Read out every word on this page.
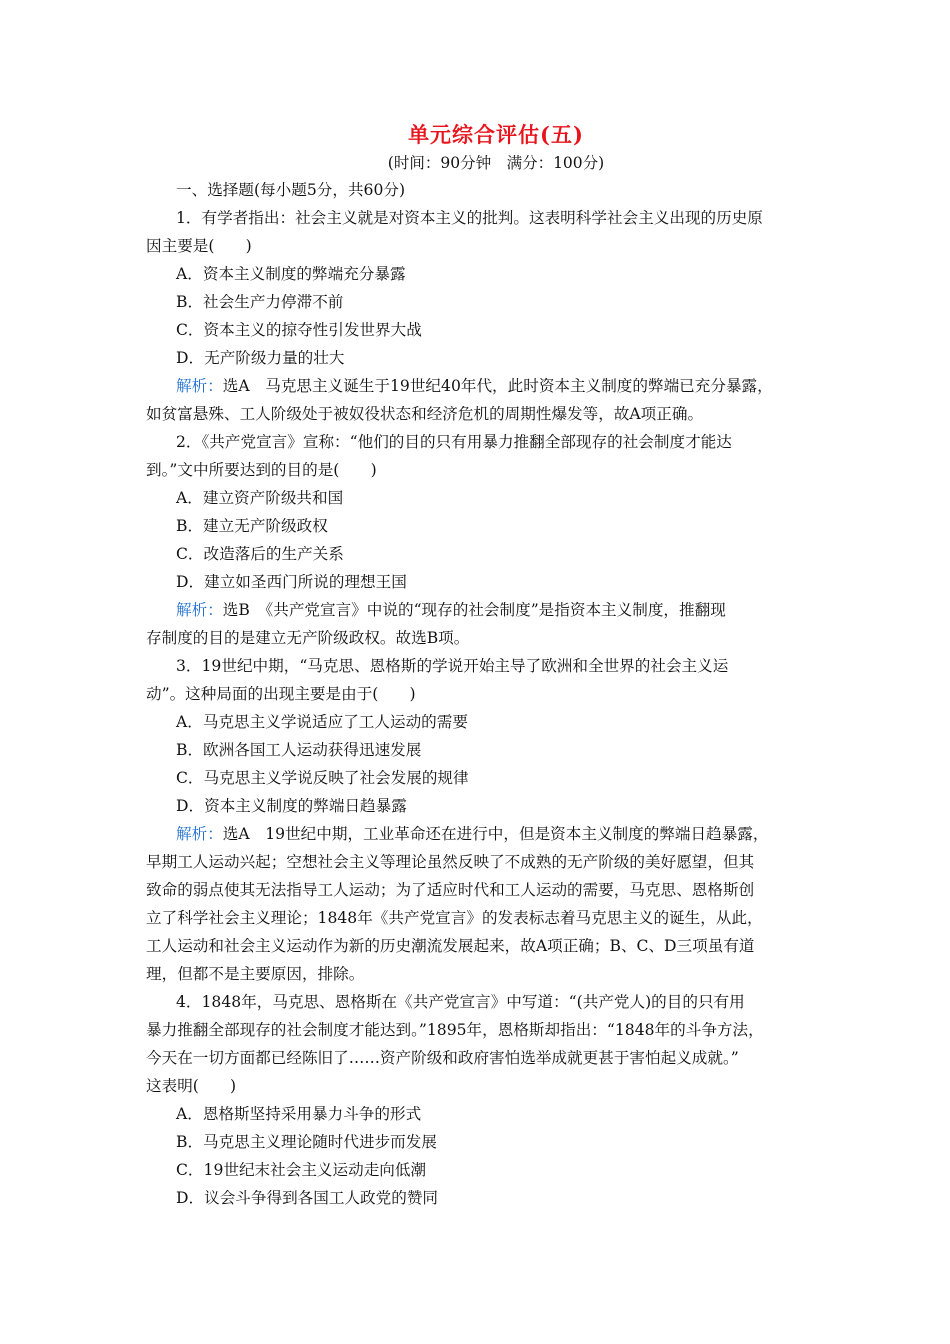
单元综合评估(五)
(时间：90分钟　满分：100分)
一、选择题(每小题5分，共60分)
1．有学者指出：社会主义就是对资本主义的批判。这表明科学社会主义出现的历史原
因主要是(　　)
A．资本主义制度的弊端充分暴露
B．社会生产力停滞不前
C．资本主义的掠夺性引发世界大战
D．无产阶级力量的壮大
解析：选A　马克思主义诞生于19世纪40年代，此时资本主义制度的弊端已充分暴露，
如贫富悬殊、工人阶级处于被奴役状态和经济危机的周期性爆发等，故A项正确。
2．《共产党宣言》宣称：“他们的目的只有用暴力推翻全部现存的社会制度才能达
到。”文中所要达到的目的是(　　)
A．建立资产阶级共和国
B．建立无产阶级政权
C．改造落后的生产关系
D．建立如圣西门所说的理想王国
解析：选B　《共产党宣言》中说的“现存的社会制度”是指资本主义制度，推翻现
存制度的目的是建立无产阶级政权。故选B项。
3．19世纪中期，“马克思、恩格斯的学说开始主导了欧洲和全世界的社会主义运
动”。这种局面的出现主要是由于(　　)
A．马克思主义学说适应了工人运动的需要
B．欧洲各国工人运动获得迅速发展
C．马克思主义学说反映了社会发展的规律
D．资本主义制度的弊端日趋暴露
解析：选A　19世纪中期，工业革命还在进行中，但是资本主义制度的弊端日趋暴露，
早期工人运动兴起；空想社会主义等理论虽然反映了不成熟的无产阶级的美好愿望，但其
致命的弱点使其无法指导工人运动；为了适应时代和工人运动的需要，马克思、恩格斯创
立了科学社会主义理论；1848年《共产党宣言》的发表标志着马克思主义的诞生，从此，
工人运动和社会主义运动作为新的历史潮流发展起来，故A项正确；B、C、D三项虽有道
理，但都不是主要原因，排除。
4．1848年，马克思、恩格斯在《共产党宣言》中写道：“(共产党人)的目的只有用
暴力推翻全部现存的社会制度才能达到。”1895年，恩格斯却指出：“1848年的斗争方法，
今天在一切方面都已经陈旧了……资产阶级和政府害怕选举成就更甚于害怕起义成就。”
这表明(　　)
A．恩格斯坚持采用暴力斗争的形式
B．马克思主义理论随时代进步而发展
C．19世纪末社会主义运动走向低潮
D．议会斗争得到各国工人政党的赞同
